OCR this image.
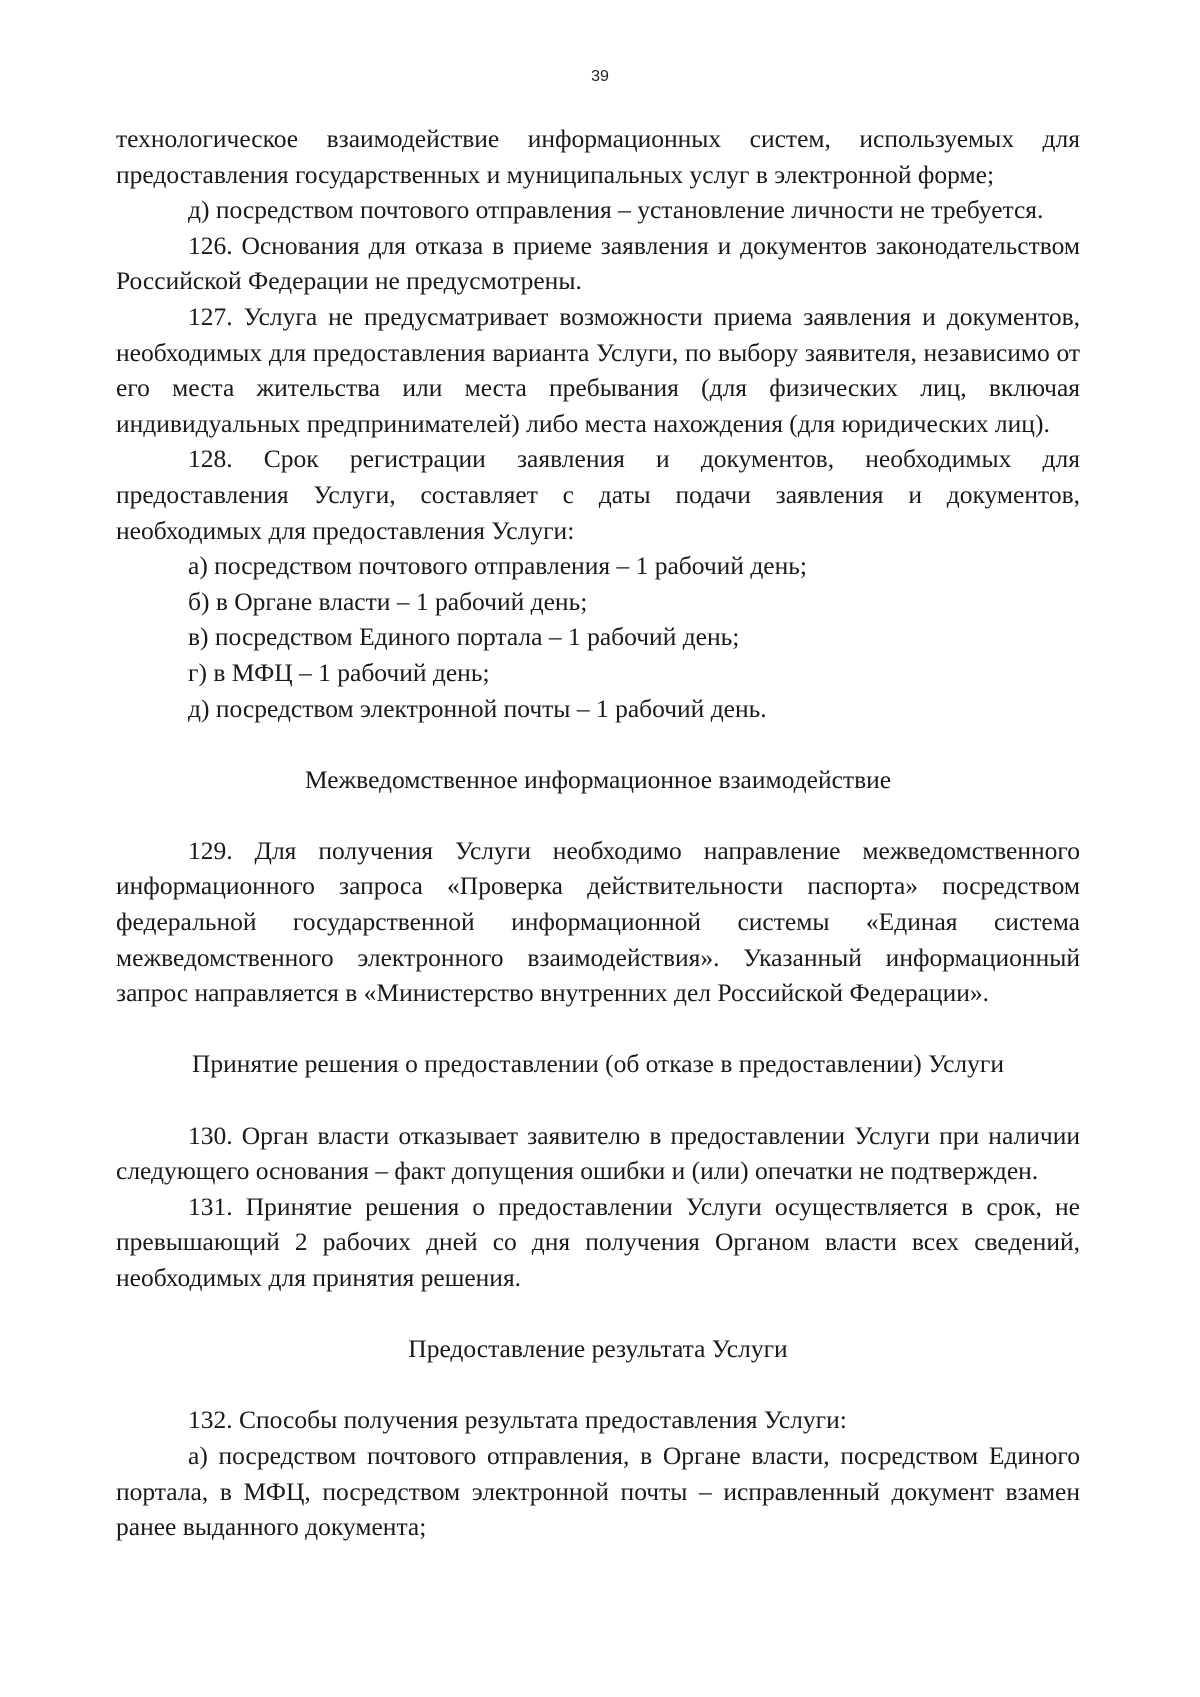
39

технологическое взаимодействие информационных систем, используемых для предоставления государственных и муниципальных услуг в электронной форме;

д) посредством почтового отправления – установление личности не требуется.

126. Основания для отказа в приеме заявления и документов законодательством Российской Федерации не предусмотрены.

127. Услуга не предусматривает возможности приема заявления и документов, необходимых для предоставления варианта Услуги, по выбору заявителя, независимо от его места жительства или места пребывания (для физических лиц, включая индивидуальных предпринимателей) либо места нахождения (для юридических лиц).

128. Срок регистрации заявления и документов, необходимых для предоставления Услуги, составляет с даты подачи заявления и документов, необходимых для предоставления Услуги:

а) посредством почтового отправления – 1 рабочий день;

б) в Органе власти – 1 рабочий день;

в) посредством Единого портала – 1 рабочий день;

г) в МФЦ – 1 рабочий день;

д) посредством электронной почты – 1 рабочий день.

Межведомственное информационное взаимодействие

129. Для получения Услуги необходимо направление межведомственного информационного запроса «Проверка действительности паспорта» посредством федеральной государственной информационной системы «Единая система межведомственного электронного взаимодействия». Указанный информационный запрос направляется в «Министерство внутренних дел Российской Федерации».

Принятие решения о предоставлении (об отказе в предоставлении) Услуги

130. Орган власти отказывает заявителю в предоставлении Услуги при наличии следующего основания – факт допущения ошибки и (или) опечатки не подтвержден.

131. Принятие решения о предоставлении Услуги осуществляется в срок, не превышающий 2 рабочих дней со дня получения Органом власти всех сведений, необходимых для принятия решения.

Предоставление результата Услуги

132. Способы получения результата предоставления Услуги:

а) посредством почтового отправления, в Органе власти, посредством Единого портала, в МФЦ, посредством электронной почты – исправленный документ взамен ранее выданного документа;
